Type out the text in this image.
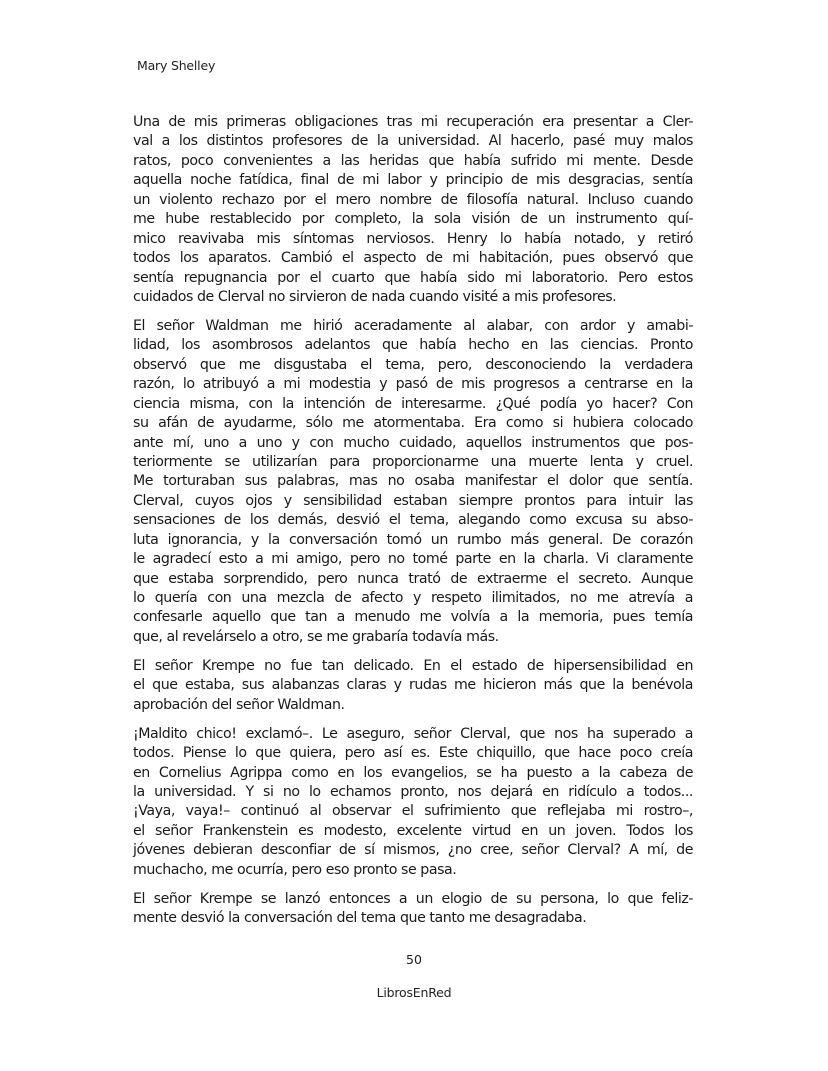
Mary Shelley
Una de mis primeras obligaciones tras mi recuperación era presentar a Cler-
val a los distintos profesores de la universidad. Al hacerlo, pasé muy malos
ratos, poco convenientes a las heridas que había sufrido mi mente. Desde
aquella noche fatídica, final de mi labor y principio de mis desgracias, sentía
un violento rechazo por el mero nombre de filosofía natural. Incluso cuando
me hube restablecido por completo, la sola visión de un instrumento quí-
mico reavivaba mis síntomas nerviosos. Henry lo había notado, y retiró
todos los aparatos. Cambió el aspecto de mi habitación, pues observó que
sentía repugnancia por el cuarto que había sido mi laboratorio. Pero estos
cuidados de Clerval no sirvieron de nada cuando visité a mis profesores.
El señor Waldman me hirió aceradamente al alabar, con ardor y amabi-
lidad, los asombrosos adelantos que había hecho en las ciencias. Pronto
observó que me disgustaba el tema, pero, desconociendo la verdadera
razón, lo atribuyó a mi modestia y pasó de mis progresos a centrarse en la
ciencia misma, con la intención de interesarme. ¿Qué podía yo hacer? Con
su afán de ayudarme, sólo me atormentaba. Era como si hubiera colocado
ante mí, uno a uno y con mucho cuidado, aquellos instrumentos que pos-
teriormente se utilizarían para proporcionarme una muerte lenta y cruel.
Me torturaban sus palabras, mas no osaba manifestar el dolor que sentía.
Clerval, cuyos ojos y sensibilidad estaban siempre prontos para intuir las
sensaciones de los demás, desvió el tema, alegando como excusa su abso-
luta ignorancia, y la conversación tomó un rumbo más general. De corazón
le agradecí esto a mi amigo, pero no tomé parte en la charla. Vi claramente
que estaba sorprendido, pero nunca trató de extraerme el secreto. Aunque
lo quería con una mezcla de afecto y respeto ilimitados, no me atrevía a
confesarle aquello que tan a menudo me volvía a la memoria, pues temía
que, al revelárselo a otro, se me grabaría todavía más.
El señor Krempe no fue tan delicado. En el estado de hipersensibilidad en
el que estaba, sus alabanzas claras y rudas me hicieron más que la benévola
aprobación del señor Waldman.
¡Maldito chico! exclamó–. Le aseguro, señor Clerval, que nos ha superado a
todos. Piense lo que quiera, pero así es. Este chiquillo, que hace poco creía
en Cornelius Agrippa como en los evangelios, se ha puesto a la cabeza de
la universidad. Y si no lo echamos pronto, nos dejará en ridículo a todos...
¡Vaya, vaya!– continuó al observar el sufrimiento que reflejaba mi rostro–,
el señor Frankenstein es modesto, excelente virtud en un joven. Todos los
jóvenes debieran desconfiar de sí mismos, ¿no cree, señor Clerval? A mí, de
muchacho, me ocurría, pero eso pronto se pasa.
El señor Krempe se lanzó entonces a un elogio de su persona, lo que feliz-
mente desvió la conversación del tema que tanto me desagradaba.
50
LibrosEnRed
